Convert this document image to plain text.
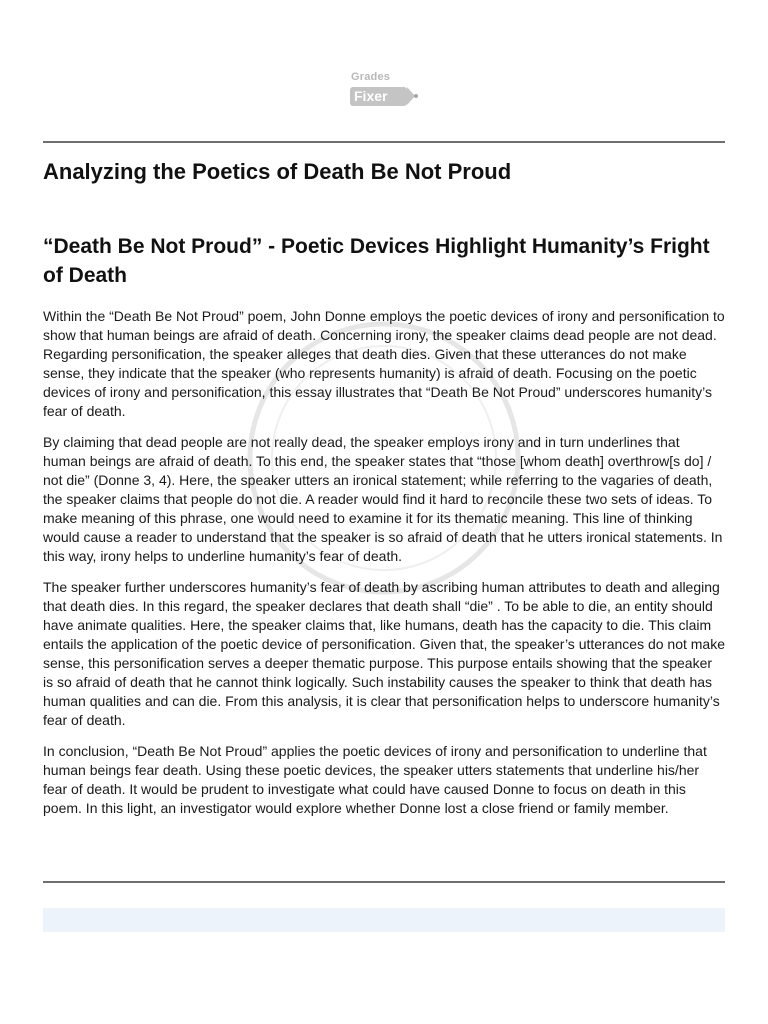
Grades
Fixer
Analyzing the Poetics of Death Be Not Proud
“Death Be Not Proud” - Poetic Devices Highlight Humanity’s Fright of Death

Within the “Death Be Not Proud” poem, John Donne employs the poetic devices of irony and personification to show that human beings are afraid of death. Concerning irony, the speaker claims dead people are not dead. Regarding personification, the speaker alleges that death dies. Given that these utterances do not make sense, they indicate that the speaker (who represents humanity) is afraid of death. Focusing on the poetic devices of irony and personification, this essay illustrates that “Death Be Not Proud” underscores humanity’s fear of death.

By claiming that dead people are not really dead, the speaker employs irony and in turn underlines that human beings are afraid of death. To this end, the speaker states that “those [whom death] overthrow[s do] / not die” (Donne 3, 4). Here, the speaker utters an ironical statement; while referring to the vagaries of death, the speaker claims that people do not die. A reader would find it hard to reconcile these two sets of ideas. To make meaning of this phrase, one would need to examine it for its thematic meaning. This line of thinking would cause a reader to understand that the speaker is so afraid of death that he utters ironical statements. In this way, irony helps to underline humanity’s fear of death.

The speaker further underscores humanity’s fear of death by ascribing human attributes to death and alleging that death dies. In this regard, the speaker declares that death shall “die” . To be able to die, an entity should have animate qualities. Here, the speaker claims that, like humans, death has the capacity to die. This claim entails the application of the poetic device of personification. Given that, the speaker’s utterances do not make sense, this personification serves a deeper thematic purpose. This purpose entails showing that the speaker is so afraid of death that he cannot think logically. Such instability causes the speaker to think that death has human qualities and can die. From this analysis, it is clear that personification helps to underscore humanity’s fear of death.

In conclusion, “Death Be Not Proud” applies the poetic devices of irony and personification to underline that human beings fear death. Using these poetic devices, the speaker utters statements that underline his/her fear of death. It would be prudent to investigate what could have caused Donne to focus on death in this poem. In this light, an investigator would explore whether Donne lost a close friend or family member.
